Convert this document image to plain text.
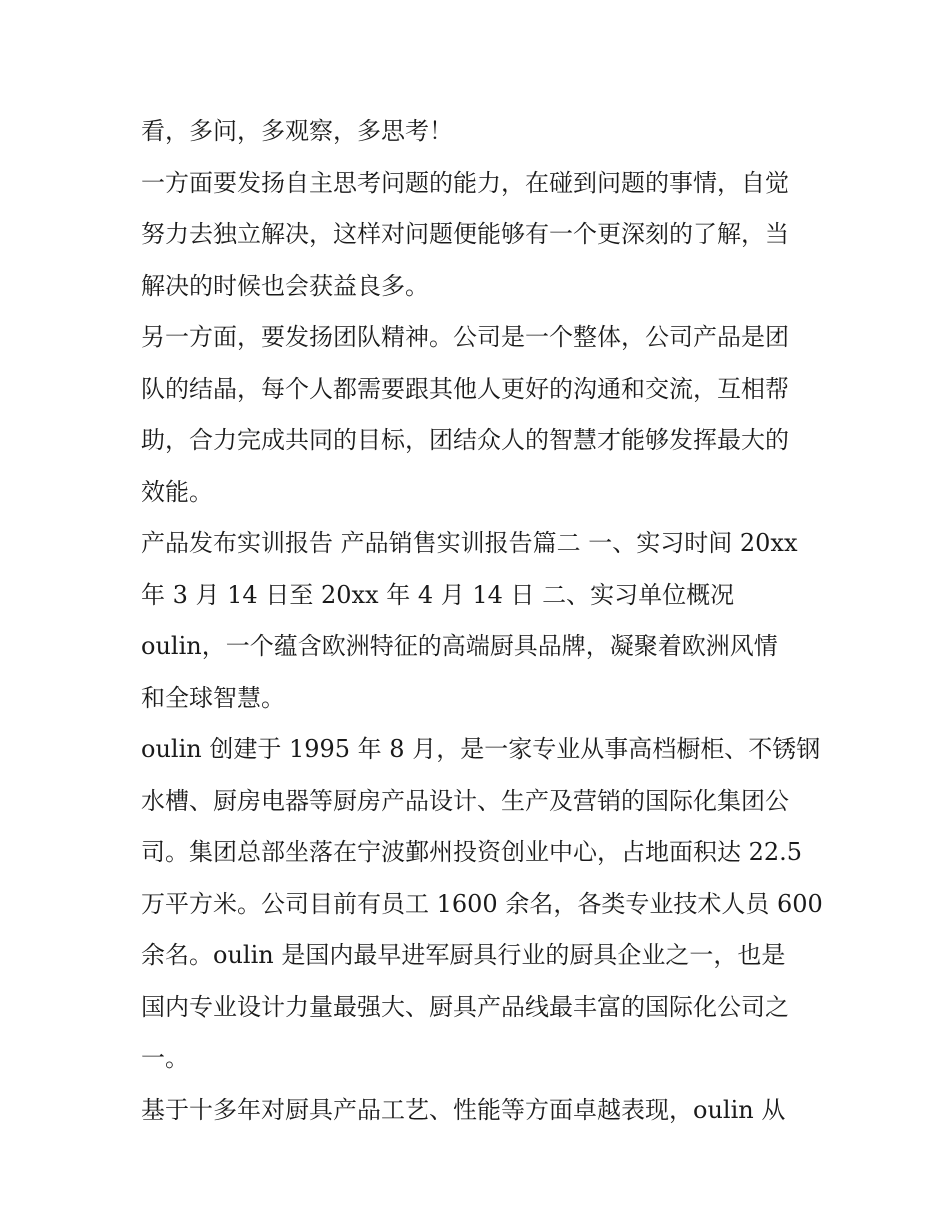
看，多问，多观察，多思考！
一方面要发扬自主思考问题的能力，在碰到问题的事情，自觉
努力去独立解决，这样对问题便能够有一个更深刻的了解，当
解决的时候也会获益良多。
另一方面，要发扬团队精神。公司是一个整体，公司产品是团
队的结晶，每个人都需要跟其他人更好的沟通和交流，互相帮
助，合力完成共同的目标，团结众人的智慧才能够发挥最大的
效能。
产品发布实训报告 产品销售实训报告篇二 一、实习时间 20xx
年 3 月 14 日至 20xx 年 4 月 14 日 二、实习单位概况
oulin，一个蕴含欧洲特征的高端厨具品牌，凝聚着欧洲风情
和全球智慧。
oulin 创建于 1995 年 8 月，是一家专业从事高档橱柜、不锈钢
水槽、厨房电器等厨房产品设计、生产及营销的国际化集团公
司。集团总部坐落在宁波鄞州投资创业中心，占地面积达 22.5
万平方米。公司目前有员工 1600 余名，各类专业技术人员 600
余名。oulin 是国内最早进军厨具行业的厨具企业之一，也是
国内专业设计力量最强大、厨具产品线最丰富的国际化公司之
一。
基于十多年对厨具产品工艺、性能等方面卓越表现，oulin 从
